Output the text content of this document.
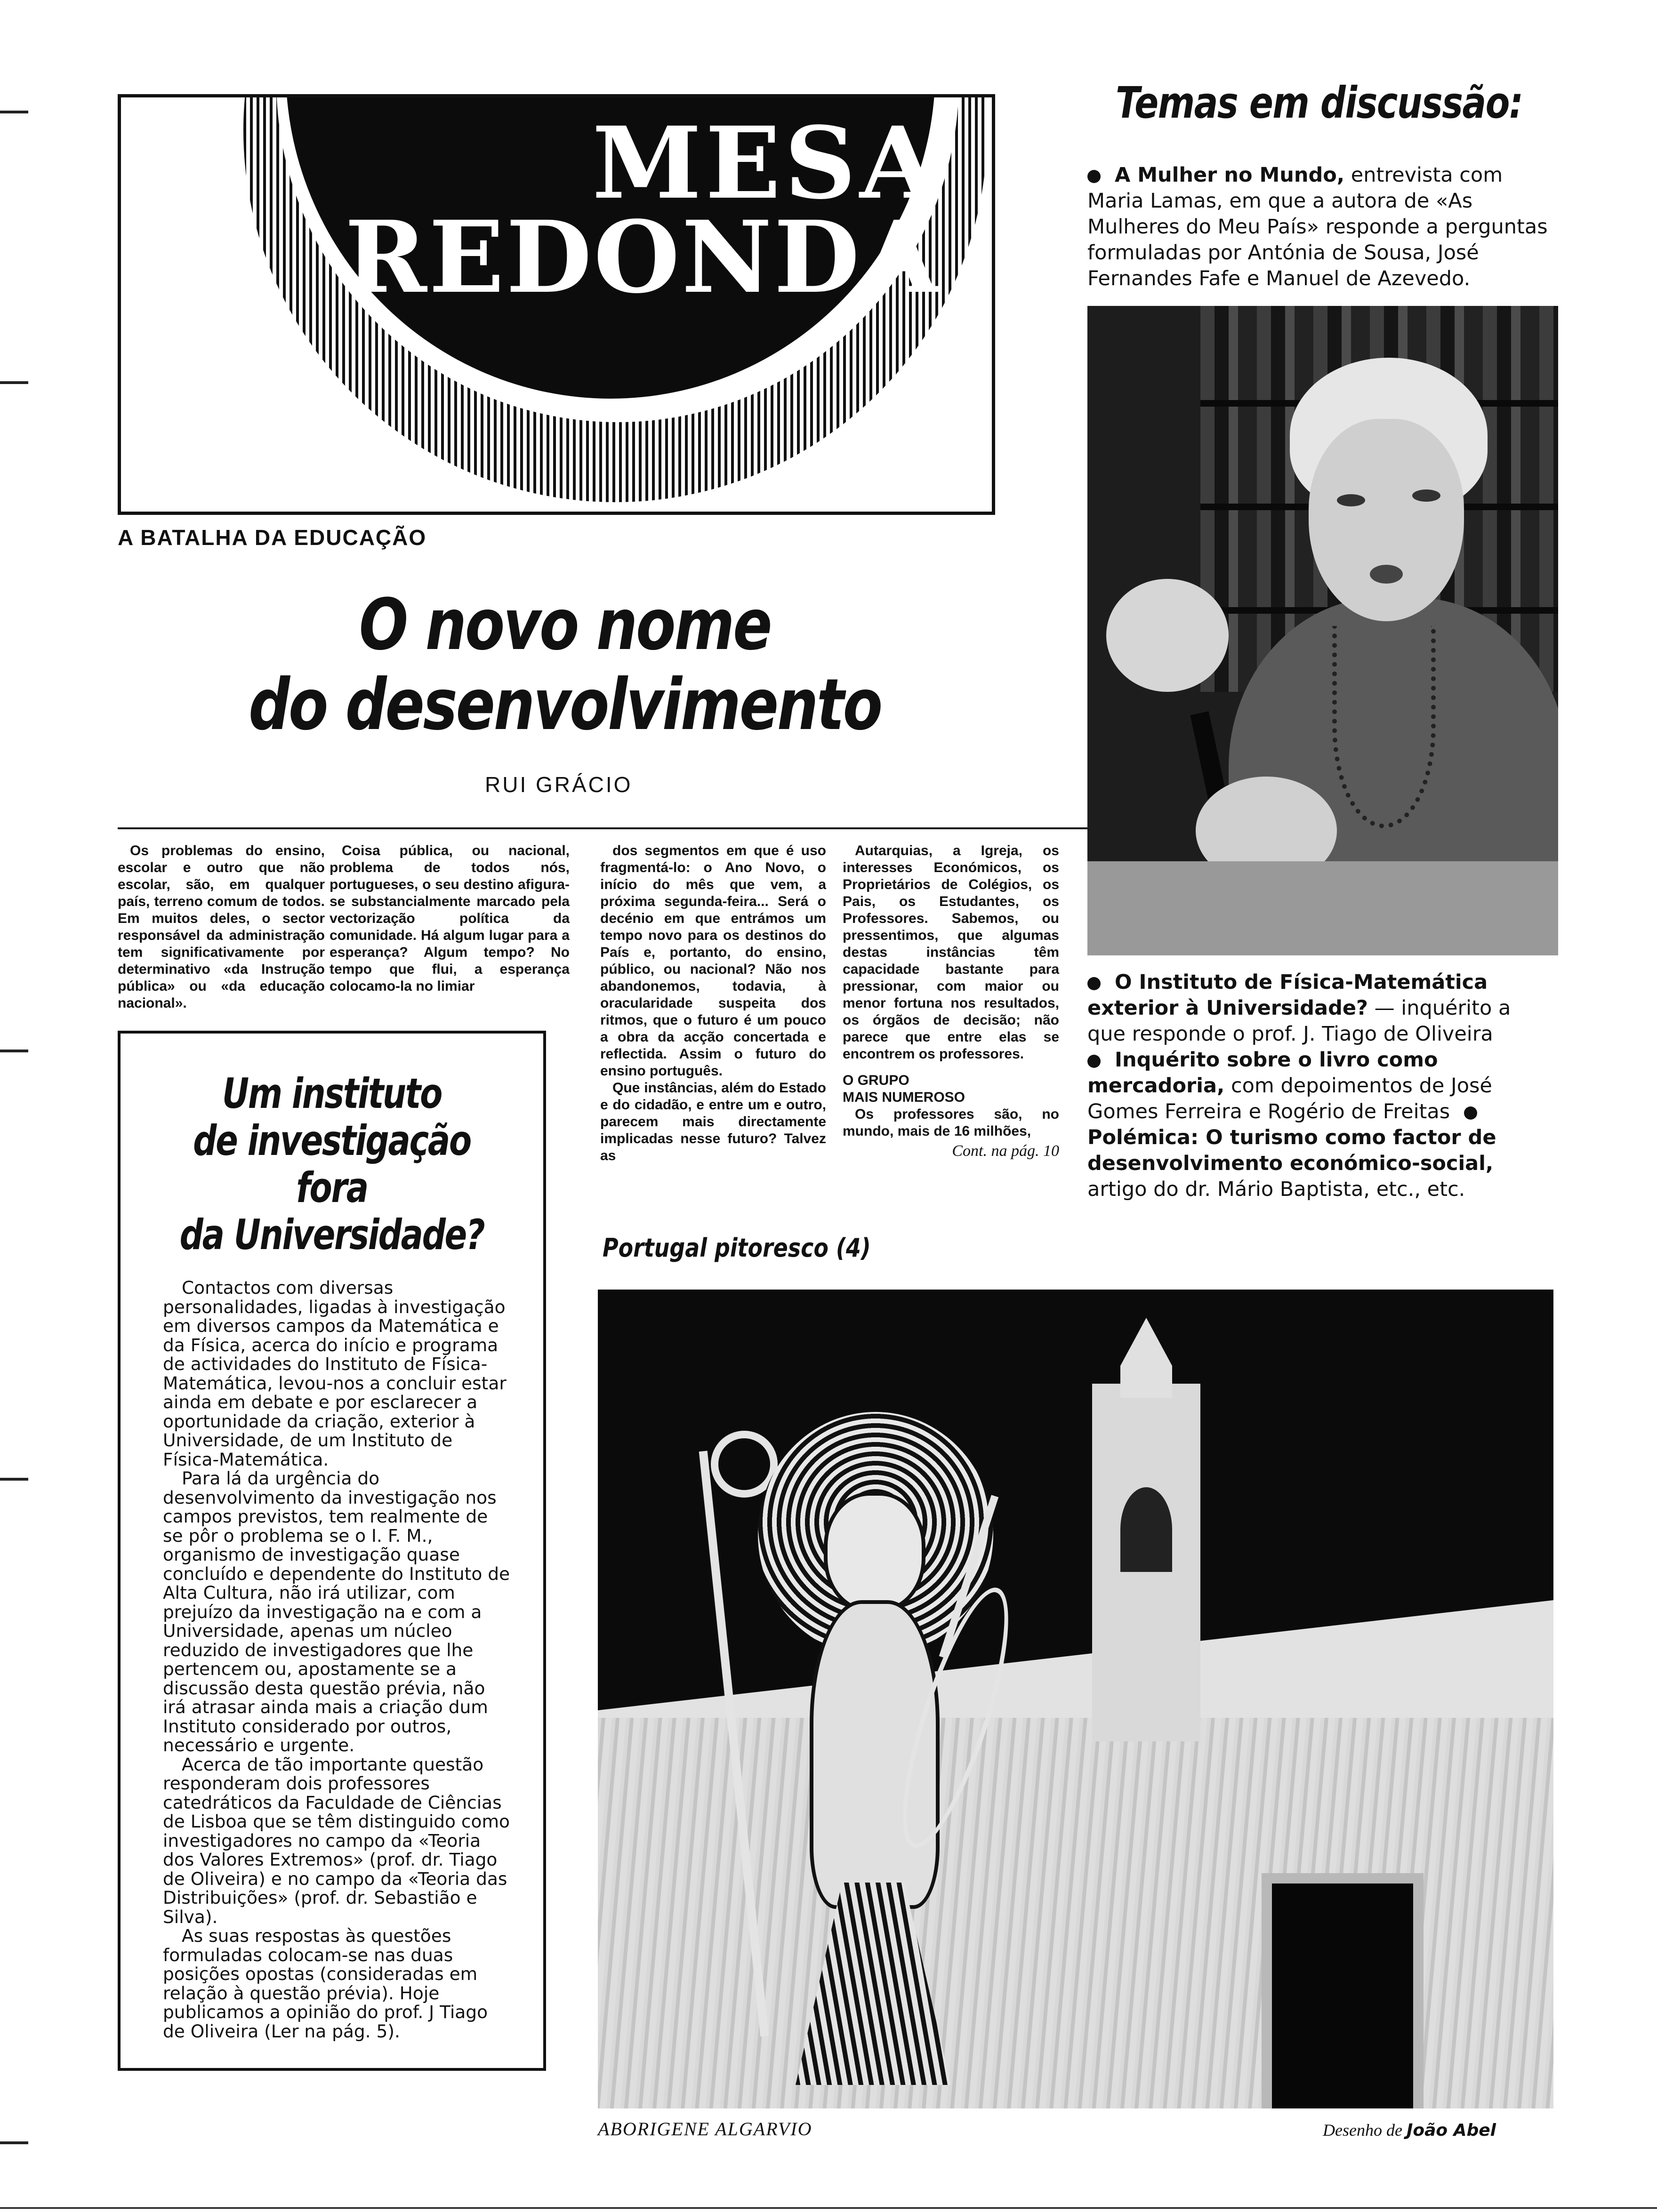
MESA
REDONDA
A BATALHA DA EDUCAÇÃO
O novo nome
do desenvolvimento
RUI GRÁCIO

Os problemas do ensino, escolar e outro que não escolar, são, em qualquer país, terreno comum de todos. Em muitos deles, o sector responsável da administração tem significativamente por determinativo «da Instrução pública» ou «da educação nacional».

Coisa pública, ou nacional, problema de todos nós, portugueses, o seu destino afigura-se substancialmente marcado pela vectorização política da comunidade. Há algum lugar para a esperança? Algum tempo? No tempo que flui, a esperança colocamo-la no limiar

dos segmentos em que é uso fragmentá-lo: o Ano Novo, o início do mês que vem, a próxima segunda-feira... Será o decénio em que entrámos um tempo novo para os destinos do País e, portanto, do ensino, público, ou nacional? Não nos abandonemos, todavia, à oracularidade suspeita dos ritmos, que o futuro é um pouco a obra da acção concertada e reflectida. Assim o futuro do ensino português.

Que instâncias, além do Estado e do cidadão, e entre um e outro, parecem mais directamente implicadas nesse futuro? Talvez as

Autarquias, a Igreja, os interesses Económicos, os Proprietários de Colégios, os Pais, os Estudantes, os Professores. Sabemos, ou pressentimos, que algumas destas instâncias têm capacidade bastante para pressionar, com maior ou menor fortuna nos resultados, os órgãos de decisão; não parece que entre elas se encontrem os professores.

O GRUPO

MAIS NUMEROSO

Os professores são, no mundo, mais de 16 milhões,

Cont. na pág. 10
Um instituto
de investigação
fora
da Universidade?

Contactos com diversas personalidades, ligadas à investigação em diversos campos da Matemática e da Física, acerca do início e programa de actividades do Instituto de Física-Matemática, levou-nos a concluir estar ainda em debate e por esclarecer a oportunidade da criação, exterior à Universidade, de um Instituto de Física-Matemática.

Para lá da urgência do desenvolvimento da investigação nos campos previstos, tem realmente de se pôr o problema se o I. F. M., organismo de investigação quase concluído e dependente do Instituto de Alta Cultura, não irá utilizar, com prejuízo da investigação na e com a Universidade, apenas um núcleo reduzido de investigadores que lhe pertencem ou, apostamente se a discussão desta questão prévia, não irá atrasar ainda mais a criação dum Instituto considerado por outros, necessário e urgente.

Acerca de tão importante questão responderam dois professores catedráticos da Faculdade de Ciências de Lisboa que se têm distinguido como investigadores no campo da «Teoria dos Valores Extremos» (prof. dr. Tiago de Oliveira) e no campo da «Teoria das Distribuições» (prof. dr. Sebastião e Silva).

As suas respostas às questões formuladas colocam-se nas duas posições opostas (consideradas em relação à questão prévia). Hoje publicamos a opinião do prof. J Tiago de Oliveira (Ler na pág. 5).

Temas em discussão:
A Mulher no Mundo, entrevista com Maria Lamas, em que a autora de «As Mulheres do Meu País» responde a perguntas formuladas por Antónia de Sousa, José Fernandes Fafe e Manuel de Azevedo.
O Instituto de Física-Matemática exterior à Universidade? — inquérito a que responde o prof. J. Tiago de Oliveira
Inquérito sobre o livro como mercadoria, com depoimentos de José Gomes Ferreira e Rogério de Freitas Polémica: O turismo como factor de desenvolvimento económico-social, artigo do dr. Mário Baptista, etc., etc.
Portugal pitoresco (4)
ABORIGENE ALGARVIO	Desenho de João Abel
